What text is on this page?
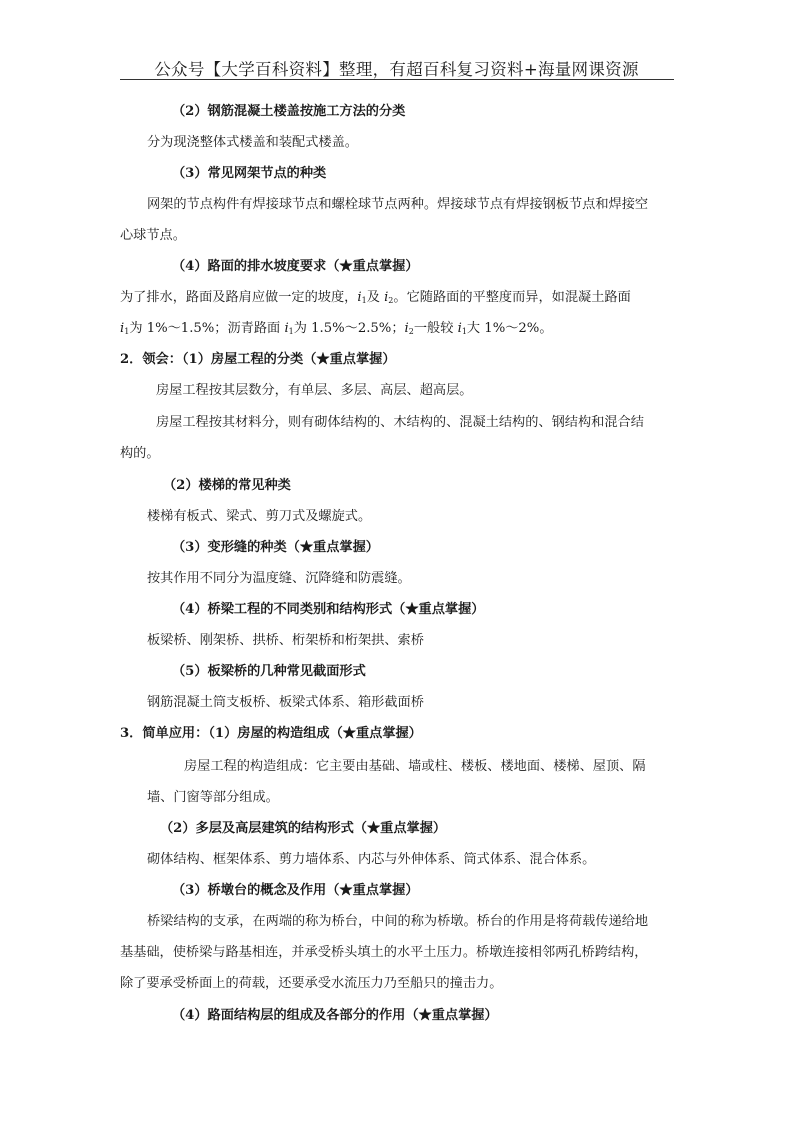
公众号【大学百科资料】整理，有超百科复习资料+海量网课资源
（2）钢筋混凝土楼盖按施工方法的分类
分为现浇整体式楼盖和装配式楼盖。
（3）常见网架节点的种类
网架的节点构件有焊接球节点和螺栓球节点两种。焊接球节点有焊接钢板节点和焊接空
心球节点。
（4）路面的排水坡度要求（★重点掌握）
为了排水，路面及路肩应做一定的坡度，$i_1$及 $i_2$。它随路面的平整度而异，如混凝土路面
$i_1$为 1%～1.5%；沥青路面 $i_1$为 1.5%～2.5%；$i_2$一般较 $i_1$大 1%～2%。
2．领会：（1）房屋工程的分类（★重点掌握）
房屋工程按其层数分，有单层、多层、高层、超高层。
房屋工程按其材料分，则有砌体结构的、木结构的、混凝土结构的、钢结构和混合结
构的。
（2）楼梯的常见种类
楼梯有板式、梁式、剪刀式及螺旋式。
（3）变形缝的种类（★重点掌握）
按其作用不同分为温度缝、沉降缝和防震缝。
（4）桥梁工程的不同类别和结构形式（★重点掌握）
板梁桥、刚架桥、拱桥、桁架桥和桁架拱、索桥
（5）板梁桥的几种常见截面形式
钢筋混凝土筒支板桥、板梁式体系、箱形截面桥
3．简单应用：（1）房屋的构造组成（★重点掌握）
房屋工程的构造组成：它主要由基础、墙或柱、楼板、楼地面、楼梯、屋顶、隔
墙、门窗等部分组成。
（2）多层及高层建筑的结构形式（★重点掌握）
砌体结构、框架体系、剪力墙体系、内芯与外伸体系、筒式体系、混合体系。
（3）桥墩台的概念及作用（★重点掌握）
桥梁结构的支承，在两端的称为桥台，中间的称为桥墩。桥台的作用是将荷载传递给地
基基础，使桥梁与路基相连，并承受桥头填土的水平土压力。桥墩连接相邻两孔桥跨结构，
除了要承受桥面上的荷载，还要承受水流压力乃至船只的撞击力。
（4）路面结构层的组成及各部分的作用（★重点掌握）
